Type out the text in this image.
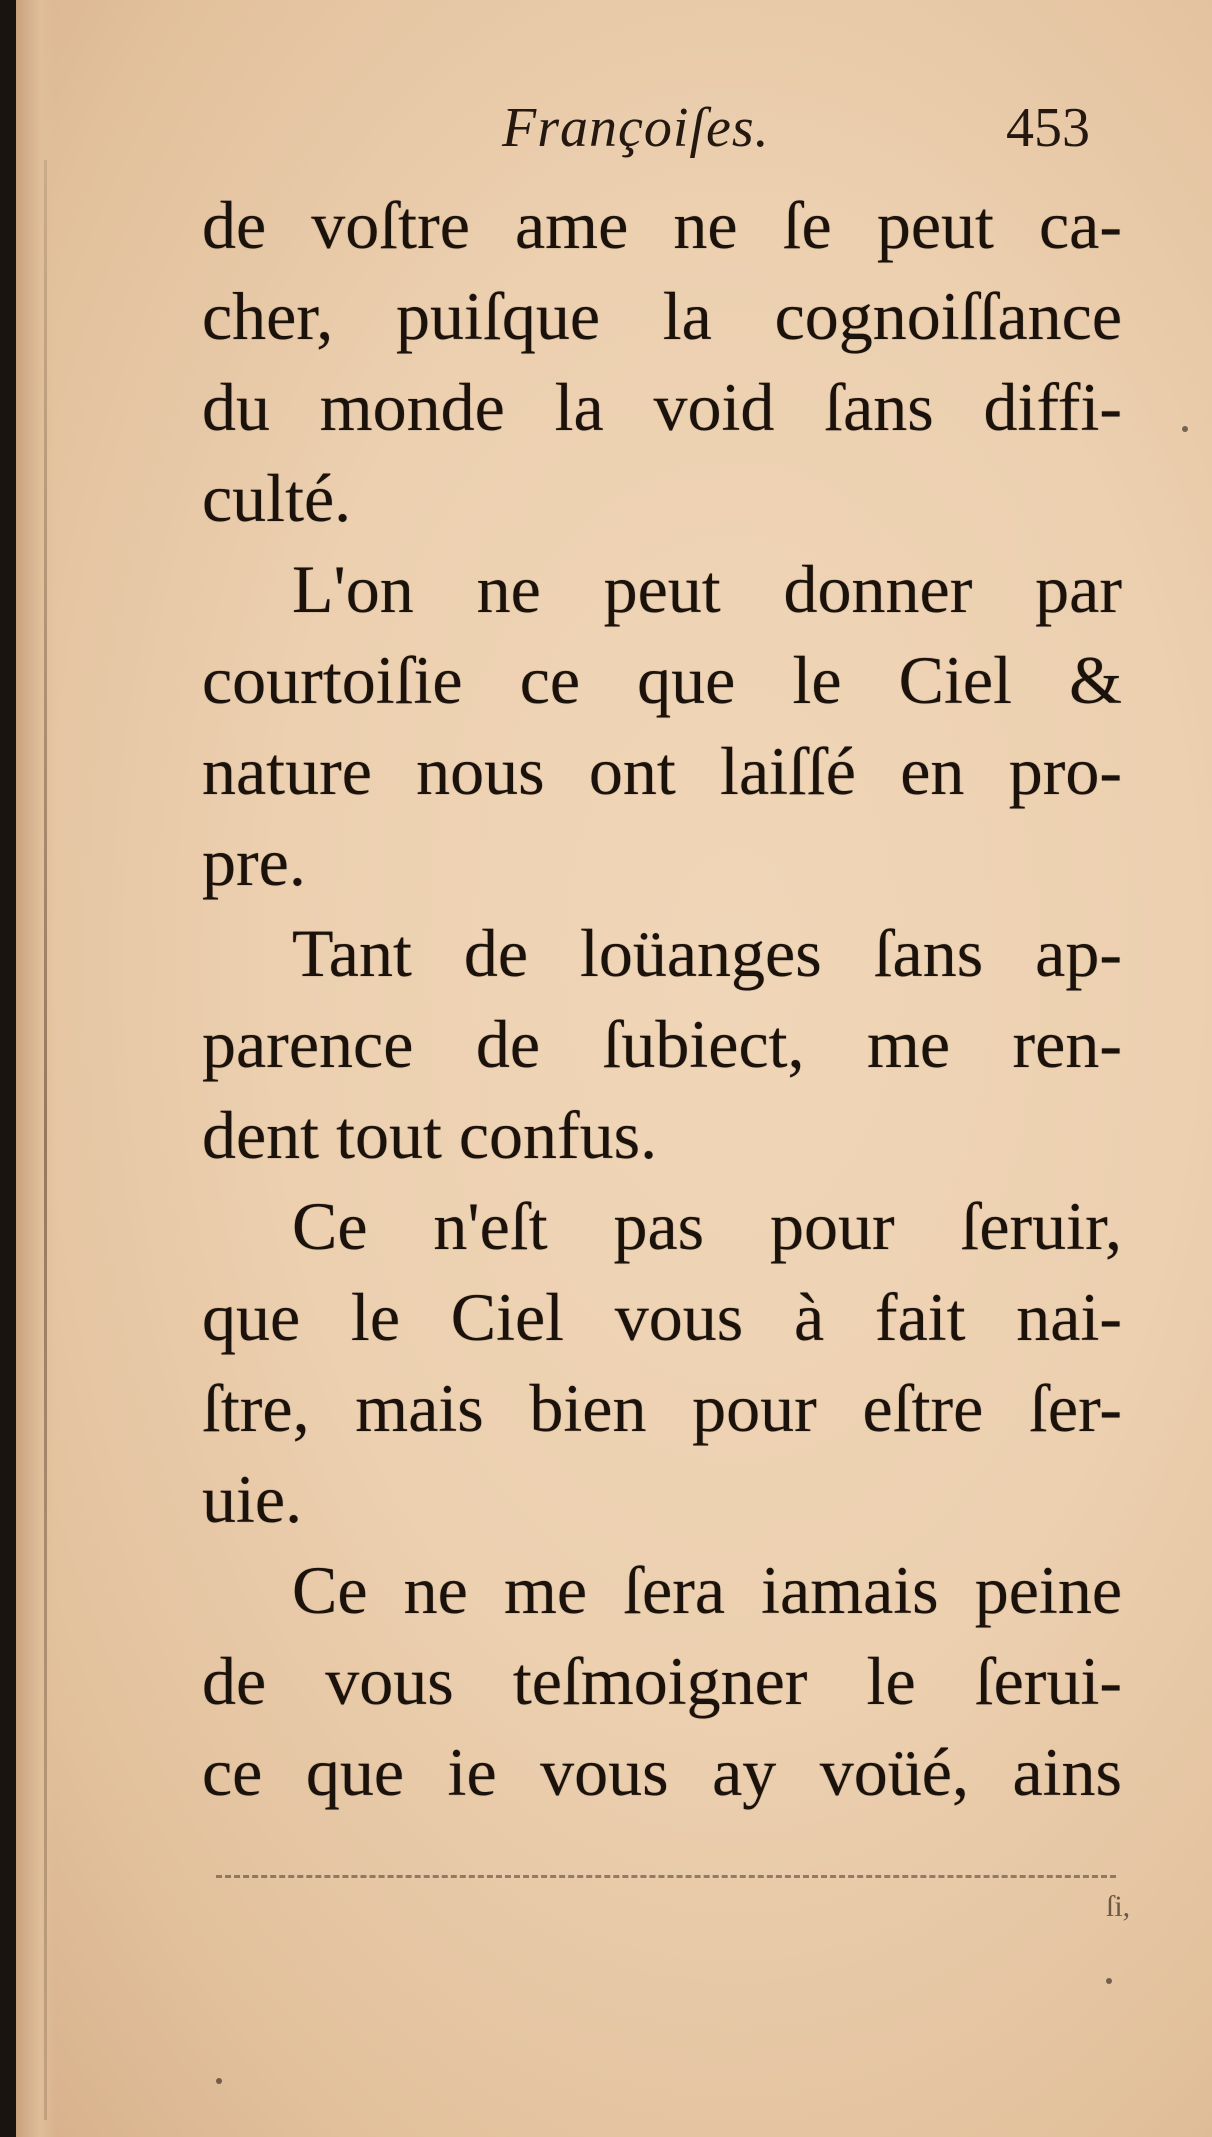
Françoiſes.	453
de voſtre ame ne ſe peut ca-
cher, puiſque la cognoiſſance
du monde la void ſans diffi-
culté.
L'on ne peut donner par
courtoiſie ce que le Ciel &
nature nous ont laiſſé en pro-
pre.
Tant de loüanges ſans ap-
parence de ſubiect, me ren-
dent tout confus.
Ce n'eſt pas pour ſeruir,
que le Ciel vous à fait nai-
ſtre, mais bien pour eſtre ſer-
uie.
Ce ne me ſera iamais peine
de vous teſmoigner le ſerui-
ce que ie vous ay voüé, ains
ſi,
